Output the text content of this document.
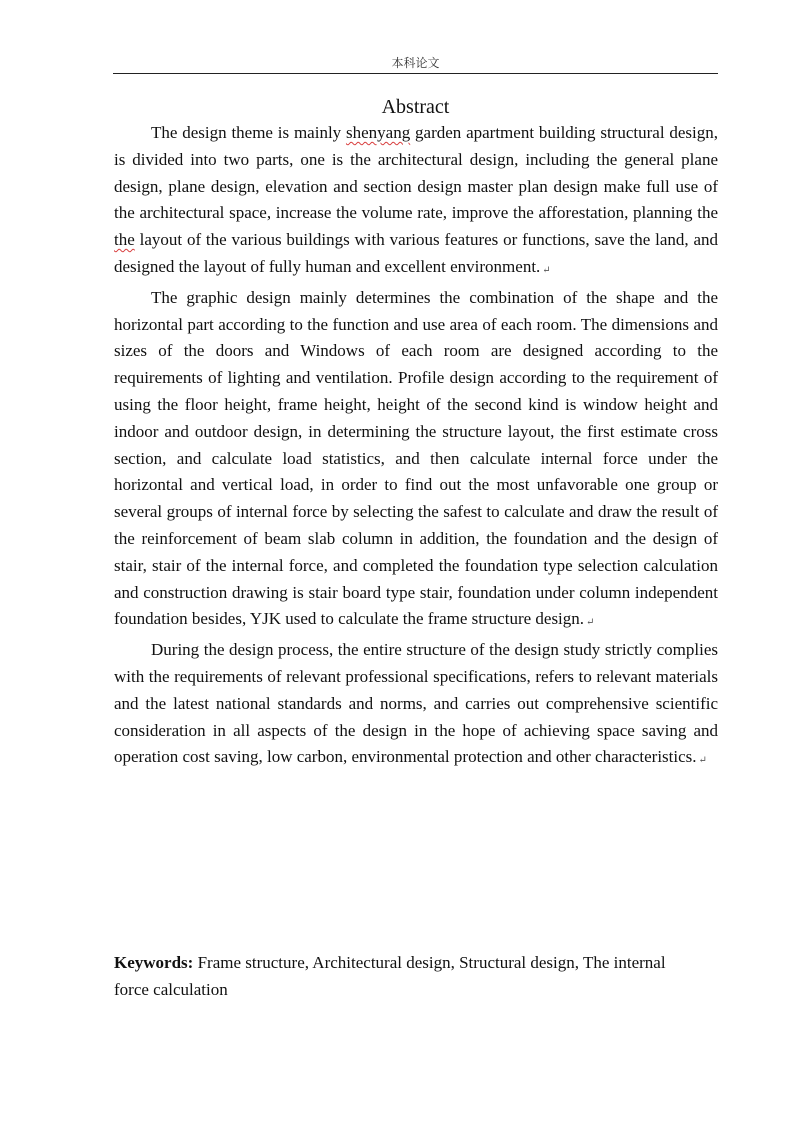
本科论文
Abstract

The design theme is mainly shenyang garden apartment building structural design, is divided into two parts, one is the architectural design, including the general plane design, plane design, elevation and section design master plan design make full use of the architectural space, increase the volume rate, improve the afforestation, planning the the layout of the various buildings with various features or functions, save the land, and designed the layout of fully human and excellent environment. ↵

The graphic design mainly determines the combination of the shape and the horizontal part according to the function and use area of each room. The dimensions and sizes of the doors and Windows of each room are designed according to the requirements of lighting and ventilation. Profile design according to the requirement of using the floor height, frame height, height of the second kind is window height and indoor and outdoor design, in determining the structure layout, the first estimate cross section, and calculate load statistics, and then calculate internal force under the horizontal and vertical load, in order to find out the most unfavorable one group or several groups of internal force by selecting the safest to calculate and draw the result of the reinforcement of beam slab column in addition, the foundation and the design of stair, stair of the internal force, and completed the foundation type selection calculation and construction drawing is stair board type stair, foundation under column independent foundation besides, YJK used to calculate the frame structure design. ↵

During the design process, the entire structure of the design study strictly complies with the requirements of relevant professional specifications, refers to relevant materials and the latest national standards and norms, and carries out comprehensive scientific consideration in all aspects of the design in the hope of achieving space saving and operation cost saving, low carbon, environmental protection and other characteristics. ↵

Keywords: Frame structure, Architectural design, Structural design, The internal force calculation
